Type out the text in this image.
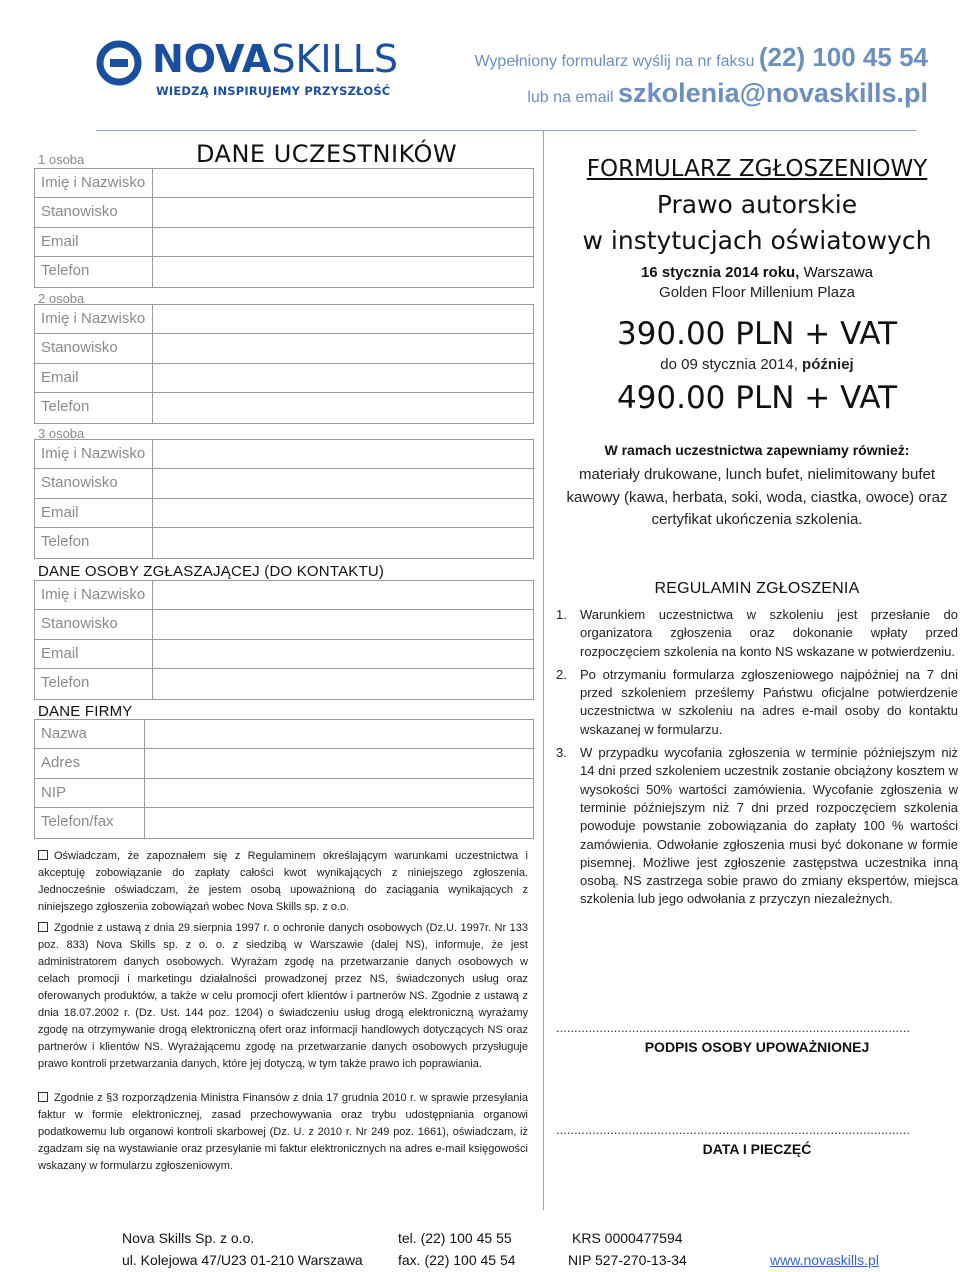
NOVASKILLS
WIEDZĄ INSPIRUJEMY PRZYSZŁOŚĆ
Wypełniony formularz wyślij na nr faksu (22) 100 45 54
lub na email szkolenia@novaskills.pl
DANE UCZESTNIKÓW
1 osoba
Imię i Nazwisko
Stanowisko
Email
Telefon
2 osoba
Imię i Nazwisko
Stanowisko
Email
Telefon
3 osoba
Imię i Nazwisko
Stanowisko
Email
Telefon
DANE OSOBY ZGŁASZAJĄCEJ (DO KONTAKTU)
Imię i Nazwisko
Stanowisko
Email
Telefon
DANE FIRMY
Nazwa
Adres
NIP
Telefon/fax
Oświadczam, że zapoznałem się z Regulaminem określającym warunkami uczestnictwa i akceptuję zobowiązanie do zapłaty całości kwot wynikających z niniejszego zgłoszenia. Jednocześnie oświadczam, że jestem osobą upoważnioną do zaciągania wynikających z niniejszego zgłoszenia zobowiązań wobec Nova Skills sp. z o.o.
Zgodnie z ustawą z dnia 29 sierpnia 1997 r. o ochronie danych osobowych (Dz.U. 1997r. Nr 133 poz. 833) Nova Skills sp. z o. o. z siedzibą w Warszawie (dalej NS), informuje, że jest administratorem danych osobowych. Wyrażam zgodę na przetwarzanie danych osobowych w celach promocji i marketingu działalności prowadzonej przez NS, świadczonych usług oraz oferowanych produktów, a także w celu promocji ofert klientów i partnerów NS. Zgodnie z ustawą z dnia 18.07.2002 r. (Dz. Ust. 144 poz. 1204) o świadczeniu usług drogą elektroniczną wyrażamy zgodę na otrzymywanie drogą elektroniczną ofert oraz informacji handlowych dotyczących NS oraz partnerów i klientów NS. Wyrażającemu zgodę na przetwarzanie danych osobowych przysługuje prawo kontroli przetwarzania danych, które jej dotyczą, w tym także prawo ich poprawiania.
Zgodnie z §3 rozporządzenia Ministra Finansów z dnia 17 grudnia 2010 r. w sprawie przesyłania faktur w formie elektronicznej, zasad przechowywania oraz trybu udostępniania organowi podatkowemu lub organowi kontroli skarbowej (Dz. U. z 2010 r. Nr 249 poz. 1661), oświadczam, iż zgadzam się na wystawianie oraz przesyłanie mi faktur elektronicznych na adres e-mail księgowości wskazany w formularzu zgłoszeniowym.
FORMULARZ ZGŁOSZENIOWY
Prawo autorskie
w instytucjach oświatowych
16 stycznia 2014 roku, Warszawa
Golden Floor Millenium Plaza
390.00 PLN + VAT
do 09 stycznia 2014, później
490.00 PLN + VAT
W ramach uczestnictwa zapewniamy również:
materiały drukowane, lunch bufet, nielimitowany bufet kawowy (kawa, herbata, soki, woda, ciastka, owoce) oraz certyfikat ukończenia szkolenia.
REGULAMIN ZGŁOSZENIA
1. Warunkiem uczestnictwa w szkoleniu jest przesłanie do organizatora zgłoszenia oraz dokonanie wpłaty przed rozpoczęciem szkolenia na konto NS wskazane w potwierdzeniu.
2. Po otrzymaniu formularza zgłoszeniowego najpóźniej na 7 dni przed szkoleniem prześlemy Państwu oficjalne potwierdzenie uczestnictwa w szkoleniu na adres e-mail osoby do kontaktu wskazanej w formularzu.
3. W przypadku wycofania zgłoszenia w terminie późniejszym niż 14 dni przed szkoleniem uczestnik zostanie obciążony kosztem w wysokości 50% wartości zamówienia. Wycofanie zgłoszenia w terminie późniejszym niż 7 dni przed rozpoczęciem szkolenia powoduje powstanie zobowiązania do zapłaty 100 % wartości zamówienia. Odwołanie zgłoszenia musi być dokonane w formie pisemnej. Możliwe jest zgłoszenie zastępstwa uczestnika inną osobą. NS zastrzega sobie prawo do zmiany ekspertów, miejsca szkolenia lub jego odwołania z przyczyn niezależnych.
..................................................................................................
PODPIS OSOBY UPOWAŻNIONEJ
..................................................................................................
DATA I PIECZĘĆ
Nova Skills Sp. z o.o.
ul. Kolejowa 47/U23 01-210 Warszawa
tel. (22) 100 45 55
fax. (22) 100 45 54
KRS 0000477594
NIP 527-270-13-34	www.novaskills.pl
